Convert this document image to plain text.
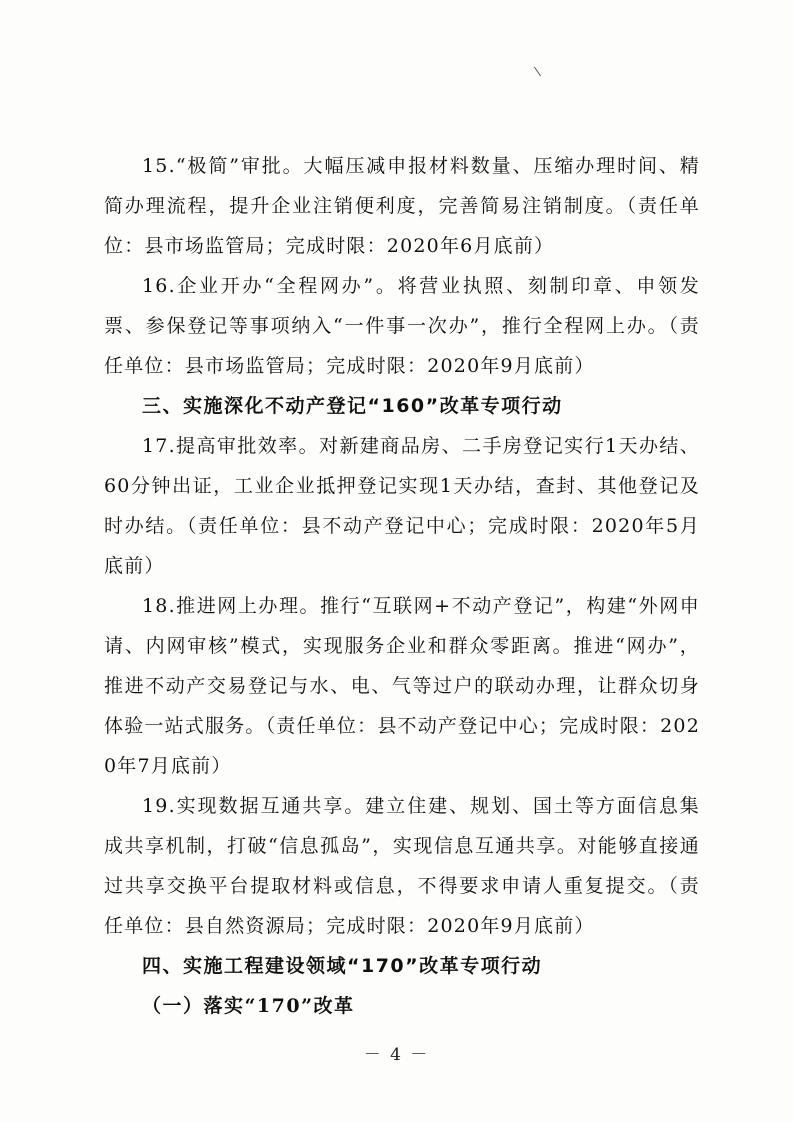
15.“极简”审批。大幅压减申报材料数量、压缩办理时间、精简办理流程，提升企业注销便利度，完善简易注销制度。（责任单位：县市场监管局；完成时限：2020年6月底前）

16.企业开办“全程网办”。将营业执照、刻制印章、申领发票、参保登记等事项纳入“一件事一次办”，推行全程网上办。（责任单位：县市场监管局；完成时限：2020年9月底前）

三、实施深化不动产登记“160”改革专项行动

17.提高审批效率。对新建商品房、二手房登记实行1天办结、60分钟出证，工业企业抵押登记实现1天办结，查封、其他登记及时办结。（责任单位：县不动产登记中心；完成时限：2020年5月底前）

18.推进网上办理。推行“互联网+不动产登记”，构建“外网申请、内网审核”模式，实现服务企业和群众零距离。推进“网办”，推进不动产交易登记与水、电、气等过户的联动办理，让群众切身体验一站式服务。（责任单位：县不动产登记中心；完成时限：2020年7月底前）

19.实现数据互通共享。建立住建、规划、国土等方面信息集成共享机制，打破“信息孤岛”，实现信息互通共享。对能够直接通过共享交换平台提取材料或信息，不得要求申请人重复提交。（责任单位：县自然资源局；完成时限：2020年9月底前）

四、实施工程建设领域“170”改革专项行动

（一）落实“170”改革

－ 4 －
